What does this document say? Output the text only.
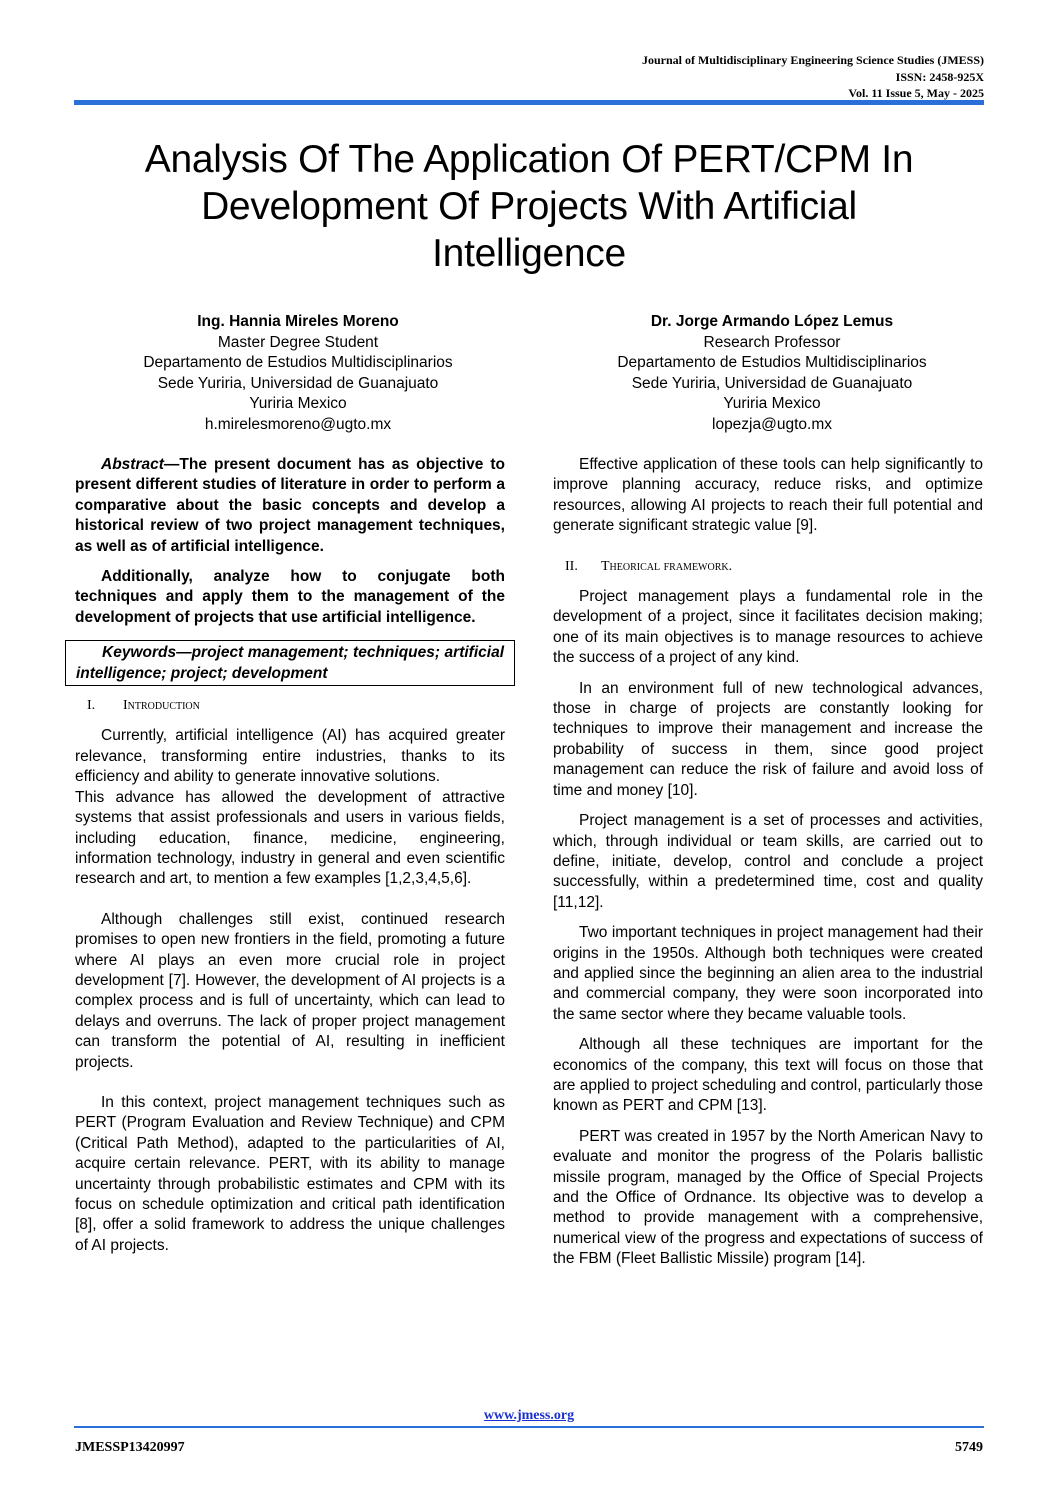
Journal of Multidisciplinary Engineering Science Studies (JMESS)
ISSN: 2458-925X
Vol. 11 Issue 5, May - 2025
Analysis Of The Application Of PERT/CPM In
Development Of Projects With Artificial
Intelligence
Ing. Hannia Mireles Moreno
Master Degree Student
Departamento de Estudios Multidisciplinarios
Sede Yuriria, Universidad de Guanajuato
Yuriria Mexico
h.mirelesmoreno@ugto.mx
Dr. Jorge Armando López Lemus
Research Professor
Departamento de Estudios Multidisciplinarios
Sede Yuriria, Universidad de Guanajuato
Yuriria Mexico
lopezja@ugto.mx

Abstract—The present document has as objective to present different studies of literature in order to perform a comparative about the basic concepts and develop a historical review of two project management techniques, as well as of artificial intelligence.

Additionally, analyze how to conjugate both techniques and apply them to the management of the development of projects that use artificial intelligence.

Keywords—project management; techniques; artificial intelligence; project; development

I. Introduction

Currently, artificial intelligence (AI) has acquired greater relevance, transforming entire industries, thanks to its efficiency and ability to generate innovative solutions.

This advance has allowed the development of attractive systems that assist professionals and users in various fields, including education, finance, medicine, engineering, information technology, industry in general and even scientific research and art, to mention a few examples [1,2,3,4,5,6].

Although challenges still exist, continued research promises to open new frontiers in the field, promoting a future where AI plays an even more crucial role in project development [7]. However, the development of AI projects is a complex process and is full of uncertainty, which can lead to delays and overruns. The lack of proper project management can transform the potential of AI, resulting in inefficient projects.

In this context, project management techniques such as PERT (Program Evaluation and Review Technique) and CPM (Critical Path Method), adapted to the particularities of AI, acquire certain relevance. PERT, with its ability to manage uncertainty through probabilistic estimates and CPM with its focus on schedule optimization and critical path identification [8], offer a solid framework to address the unique challenges of AI projects.

Effective application of these tools can help significantly to improve planning accuracy, reduce risks, and optimize resources, allowing AI projects to reach their full potential and generate significant strategic value [9].

II. Theorical framework.

Project management plays a fundamental role in the development of a project, since it facilitates decision making; one of its main objectives is to manage resources to achieve the success of a project of any kind.

In an environment full of new technological advances, those in charge of projects are constantly looking for techniques to improve their management and increase the probability of success in them, since good project management can reduce the risk of failure and avoid loss of time and money [10].

Project management is a set of processes and activities, which, through individual or team skills, are carried out to define, initiate, develop, control and conclude a project successfully, within a predetermined time, cost and quality [11,12].

Two important techniques in project management had their origins in the 1950s. Although both techniques were created and applied since the beginning an alien area to the industrial and commercial company, they were soon incorporated into the same sector where they became valuable tools.

Although all these techniques are important for the economics of the company, this text will focus on those that are applied to project scheduling and control, particularly those known as PERT and CPM [13].

PERT was created in 1957 by the North American Navy to evaluate and monitor the progress of the Polaris ballistic missile program, managed by the Office of Special Projects and the Office of Ordnance. Its objective was to develop a method to provide management with a comprehensive, numerical view of the progress and expectations of success of the FBM (Fleet Ballistic Missile) program [14].

www.jmess.org
JMESSP13420997	5749
